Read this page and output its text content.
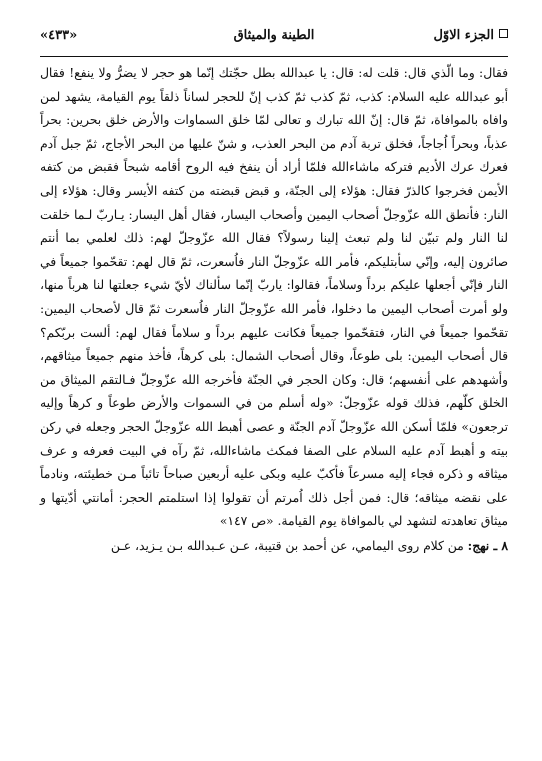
الجزء الاوّل
الطينة والميثاق
«٤٣٣»

فقال: وما الّذي قال: قلت له: قال: يا عبدالله بطل حجّتك إنّما هو حجر لا يضرُّ ولا ينفع! فقال أبو عبدالله عليه السلام: كذب، ثمّ كذب ثمّ كذب إنّ للحجر لساناً ذلقاً يوم القيامة، يشهد لمن وافاه بالموافاة، ثمّ قال: إنّ الله تبارك و تعالى لمّا خلق السماوات والأرض خلق بحرين: بحراً عذباً، وبحراً اُجاجاً، فخلق تربة آدم من البحر العذب، و شنّ عليها من البحر الأجاج، ثمّ جبل آدم فعرك عرك الأديم فتركه ماشاءالله فلمّا أراد أن ينفخ فيه الروح أقامه شبحاً فقبض من كتفه الأيمن فخرجوا كالذرّ فقال: هؤلاء إلى الجنّة، و قبض قبضته من كتفه الأيسر وقال: هؤلاء إلى النار: فأنطق الله عزّوجلّ أصحاب اليمين وأصحاب اليسار، فقال أهل اليسار: يـاربّ لـما خلقت لنا النار ولم تبيّن لنا ولم تبعث إلينا رسولاً؟ فقال الله عزّوجلّ لهم: ذلك لعلمي بما أنتم صائرون إليه، وإنّي سأبتليكم، فأمر الله عزّوجلّ النار فاُسعرت، ثمّ قال لهم: تقحّموا جميعاً في النار فإنّي أجعلها عليكم برداً وسلاماً، فقالوا: ياربّ إنّما سألناك لأيّ شيء جعلتها لنا هرباً منها، ولو أمرت أصحاب اليمين ما دخلوا، فأمر الله عزّوجلّ النار فاُسعرت ثمّ قال لأصحاب اليمين: تقحّموا جميعاً في النار، فتقحّموا جميعاً فكانت عليهم برداً و سلاماً فقال لهم: ألست بربّكم؟ قال أصحاب اليمين: بلى طوعاً، وقال أصحاب الشمال: بلى كرهاً، فأخذ منهم جميعاً ميثاقهم، وأشهدهم على أنفسهم؛ قال: وكان الحجر في الجنّة فأخرجه الله عزّوجلّ فـالتقم الميثاق من الخلق كلّهم، فذلك قوله عزّوجلّ: «وله أسلم من في السموات والأرض طوعاً و كرهاً وإليه ترجعون» فلمّا أسكن الله عزّوجلّ آدم الجنّة و عصى أهبط الله عزّوجلّ الحجر وجعله في ركن بيته و أهبط آدم عليه السلام على الصفا فمكث ماشاءالله، ثمّ رآه في البيت فعرفه و عرف ميثاقه و ذكره فجاء إليه مسرعاً فأكبّ عليه وبكى عليه أربعين صباحاً تائباً مـن خطيئته، ونادماً على نقضه ميثاقه؛ قال: فمن أجل ذلك اُمرتم أن تقولوا إذا استلمتم الحجر: أمانتي أدّيتها و ميثاق تعاهدته لتشهد لي بالموافاة يوم القيامة. «ص ١٤٧»

٨ ـ نهج: من كلام روى اليمامي، عن أحمد بن قتيبة، عـن عـبدالله بـن يـزيد، عـن
